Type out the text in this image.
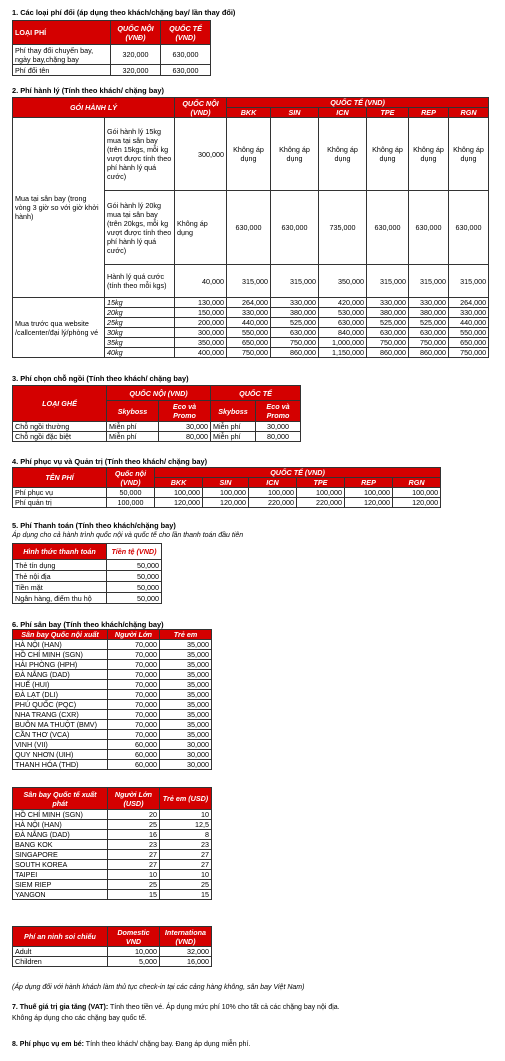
1. Các loại phí đổi (áp dụng theo khách/chặng bay/ lần thay đổi)
LOẠI PHÍ	QUỐC NỘI (VNĐ)	QUỐC TẾ (VND)
Phí thay đổi chuyến bay, ngày bay,chặng bay	320,000	630,000
Phí đổi tên	320,000	630,000
2. Phí hành lý (Tính theo khách/ chặng bay)
GÓI HÀNH LÝ		QUỐC NỘI (VND)	QUỐC TẾ (VND)					
			BKK	SIN	ICN	TPE	REP	RGN
Mua tại sân bay (trong vòng 3 giờ so với giờ khởi hành)	Gói hành lý 15kg mua tại sân bay (trên 15kgs, mỗi kg vượt được tính theo phí hành lý quá cước)	300,000	Không áp dụng	Không áp dụng	Không áp dụng	Không áp dụng	Không áp dụng	Không áp dụng
	Gói hành lý 20kg mua tại sân bay (trên 20kgs, mỗi kg vượt được tính theo phí hành lý quá cước)	Không áp dụng	630,000	630,000	735,000	630,000	630,000	630,000
	Hành lý quá cước (tính theo mỗi kgs)	40,000	315,000	315,000	350,000	315,000	315,000	315,000
Mua trước qua website /callcenter/đại lý/phòng vé	15kg	130,000	264,000	330,000	420,000	330,000	330,000	264,000
	20kg	150,000	330,000	380,000	530,000	380,000	380,000	330,000
	25kg	200,000	440,000	525,000	630,000	525,000	525,000	440,000
	30kg	300,000	550,000	630,000	840,000	630,000	630,000	550,000
	35kg	350,000	650,000	750,000	1,000,000	750,000	750,000	650,000
	40kg	400,000	750,000	860,000	1,150,000	860,000	860,000	750,000
3. Phí chọn chỗ ngồi (Tính theo khách/ chặng bay)
LOẠI GHẾ	QUỐC NỘI (VND)		QUỐC TẾ	
	Skyboss	Eco và Promo	Skyboss	Eco và Promo
Chỗ ngồi thường	Miễn phí	30,000	Miễn phí	30,000
Chỗ ngồi đặc biệt	Miễn phí	80,000	Miễn phí	80,000
4. Phí phục vụ và Quản trị (Tính theo khách/ chặng bay)
TÊN PHÍ	Quốc nội (VND)	QUỐC TẾ (VND)					
		BKK	SIN	ICN	TPE	REP	RGN
Phí phục vụ	50,000	100,000	100,000	100,000	100,000	100,000	100,000
Phí quản trị	100,000	120,000	120,000	220,000	220,000	120,000	120,000
5. Phí Thanh toán (Tính theo khách/chặng bay)
Áp dụng cho cả hành trình quốc nội và quốc tế cho lần thanh toán đầu tiên
Hình thức thanh toán	Tiền tệ (VND)
Thẻ tín dụng	50,000
Thẻ nội địa	50,000
Tiền mặt	50,000
Ngân hàng, điểm thu hộ	50,000
6. Phí sân bay (Tính theo khách/chặng bay)
Sân bay Quốc nội xuất	Người Lớn	Trẻ em
HÀ NỘI (HAN)	70,000	35,000
HỒ CHÍ MINH (SGN)	70,000	35,000
HẢI PHÒNG (HPH)	70,000	35,000
ĐÀ NẴNG (DAD)	70,000	35,000
HUẾ (HUI)	70,000	35,000
ĐÀ LẠT (DLI)	70,000	35,000
PHÚ QUỐC (PQC)	70,000	35,000
NHA TRANG (CXR)	70,000	35,000
BUÔN MA THUỘT (BMV)	70,000	35,000
CẦN THƠ (VCA)	70,000	35,000
VINH (VII)	60,000	30,000
QUY NHƠN (UIH)	60,000	30,000
THANH HÓA (THD)	60,000	30,000
Sân bay Quốc tế xuất phát	Người Lớn (USD)	Trẻ em (USD)
HỒ CHÍ MINH (SGN)	20	10
HÀ NỘI (HAN)	25	12,5
ĐÀ NẴNG (DAD)	16	8
BANG KOK	23	23
SINGAPORE	27	27
SOUTH KOREA	27	27
TAIPEI	10	10
SIEM RIEP	25	25
YANGON	15	15
Phí an ninh soi chiếu	Domestic VND	Internationa (VND)
Adult	10,000	32,000
Children	5,000	16,000
(Áp dụng đối với hành khách làm thủ tục check-in tại các cảng hàng không, sân bay Việt Nam)
7. Thuế giá trị gia tăng (VAT): Tính theo tiền vé. Áp dụng mức phí 10% cho tất cả các chặng bay nội địa.
Không áp dụng cho các chặng bay quốc tế.
8. Phí phục vụ em bé: Tính theo khách/ chặng bay. Đang áp dụng miễn phí.
